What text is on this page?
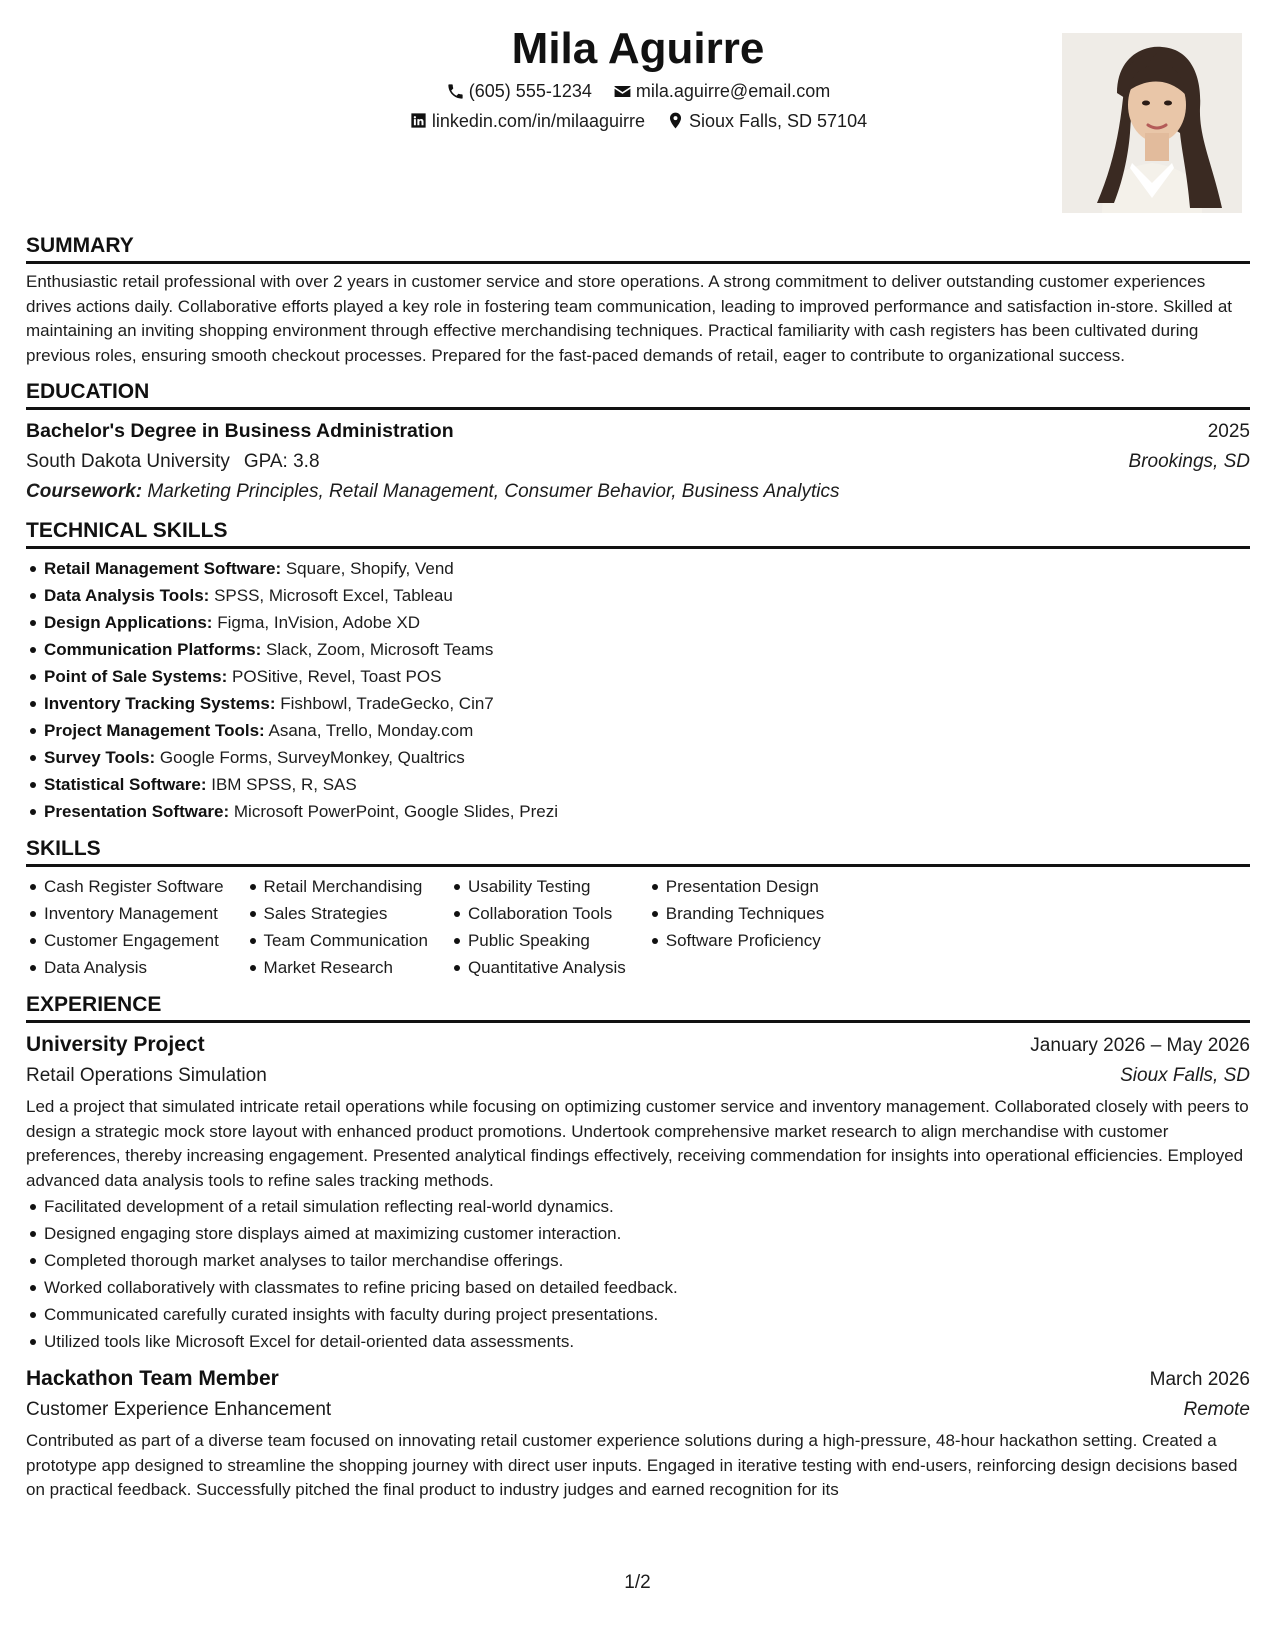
Mila Aguirre
(605) 555-1234
mila.aguirre@email.com
linkedin.com/in/milaaguirre
Sioux Falls, SD 57104
SUMMARY
Enthusiastic retail professional with over 2 years in customer service and store operations. A strong commitment to deliver outstanding customer experiences drives actions daily. Collaborative efforts played a key role in fostering team communication, leading to improved performance and satisfaction in-store. Skilled at maintaining an inviting shopping environment through effective merchandising techniques. Practical familiarity with cash registers has been cultivated during previous roles, ensuring smooth checkout processes. Prepared for the fast-paced demands of retail, eager to contribute to organizational success.
EDUCATION
Bachelor's Degree in Business Administration	2025
South Dakota University GPA: 3.8	Brookings, SD
Coursework: Marketing Principles, Retail Management, Consumer Behavior, Business Analytics
TECHNICAL SKILLS
Retail Management Software: Square, Shopify, Vend
Data Analysis Tools: SPSS, Microsoft Excel, Tableau
Design Applications: Figma, InVision, Adobe XD
Communication Platforms: Slack, Zoom, Microsoft Teams
Point of Sale Systems: POSitive, Revel, Toast POS
Inventory Tracking Systems: Fishbowl, TradeGecko, Cin7
Project Management Tools: Asana, Trello, Monday.com
Survey Tools: Google Forms, SurveyMonkey, Qualtrics
Statistical Software: IBM SPSS, R, SAS
Presentation Software: Microsoft PowerPoint, Google Slides, Prezi
SKILLS
Cash Register Software
Inventory Management
Customer Engagement
Data Analysis
Retail Merchandising
Sales Strategies
Team Communication
Market Research
Usability Testing
Collaboration Tools
Public Speaking
Quantitative Analysis
Presentation Design
Branding Techniques
Software Proficiency
EXPERIENCE
University Project	January 2026 – May 2026
Retail Operations Simulation	Sioux Falls, SD
Led a project that simulated intricate retail operations while focusing on optimizing customer service and inventory management. Collaborated closely with peers to design a strategic mock store layout with enhanced product promotions. Undertook comprehensive market research to align merchandise with customer preferences, thereby increasing engagement. Presented analytical findings effectively, receiving commendation for insights into operational efficiencies. Employed advanced data analysis tools to refine sales tracking methods.
Facilitated development of a retail simulation reflecting real-world dynamics.
Designed engaging store displays aimed at maximizing customer interaction.
Completed thorough market analyses to tailor merchandise offerings.
Worked collaboratively with classmates to refine pricing based on detailed feedback.
Communicated carefully curated insights with faculty during project presentations.
Utilized tools like Microsoft Excel for detail-oriented data assessments.
Hackathon Team Member	March 2026
Customer Experience Enhancement	Remote
Contributed as part of a diverse team focused on innovating retail customer experience solutions during a high-pressure, 48-hour hackathon setting. Created a prototype app designed to streamline the shopping journey with direct user inputs. Engaged in iterative testing with end-users, reinforcing design decisions based on practical feedback. Successfully pitched the final product to industry judges and earned recognition for its
1/2
